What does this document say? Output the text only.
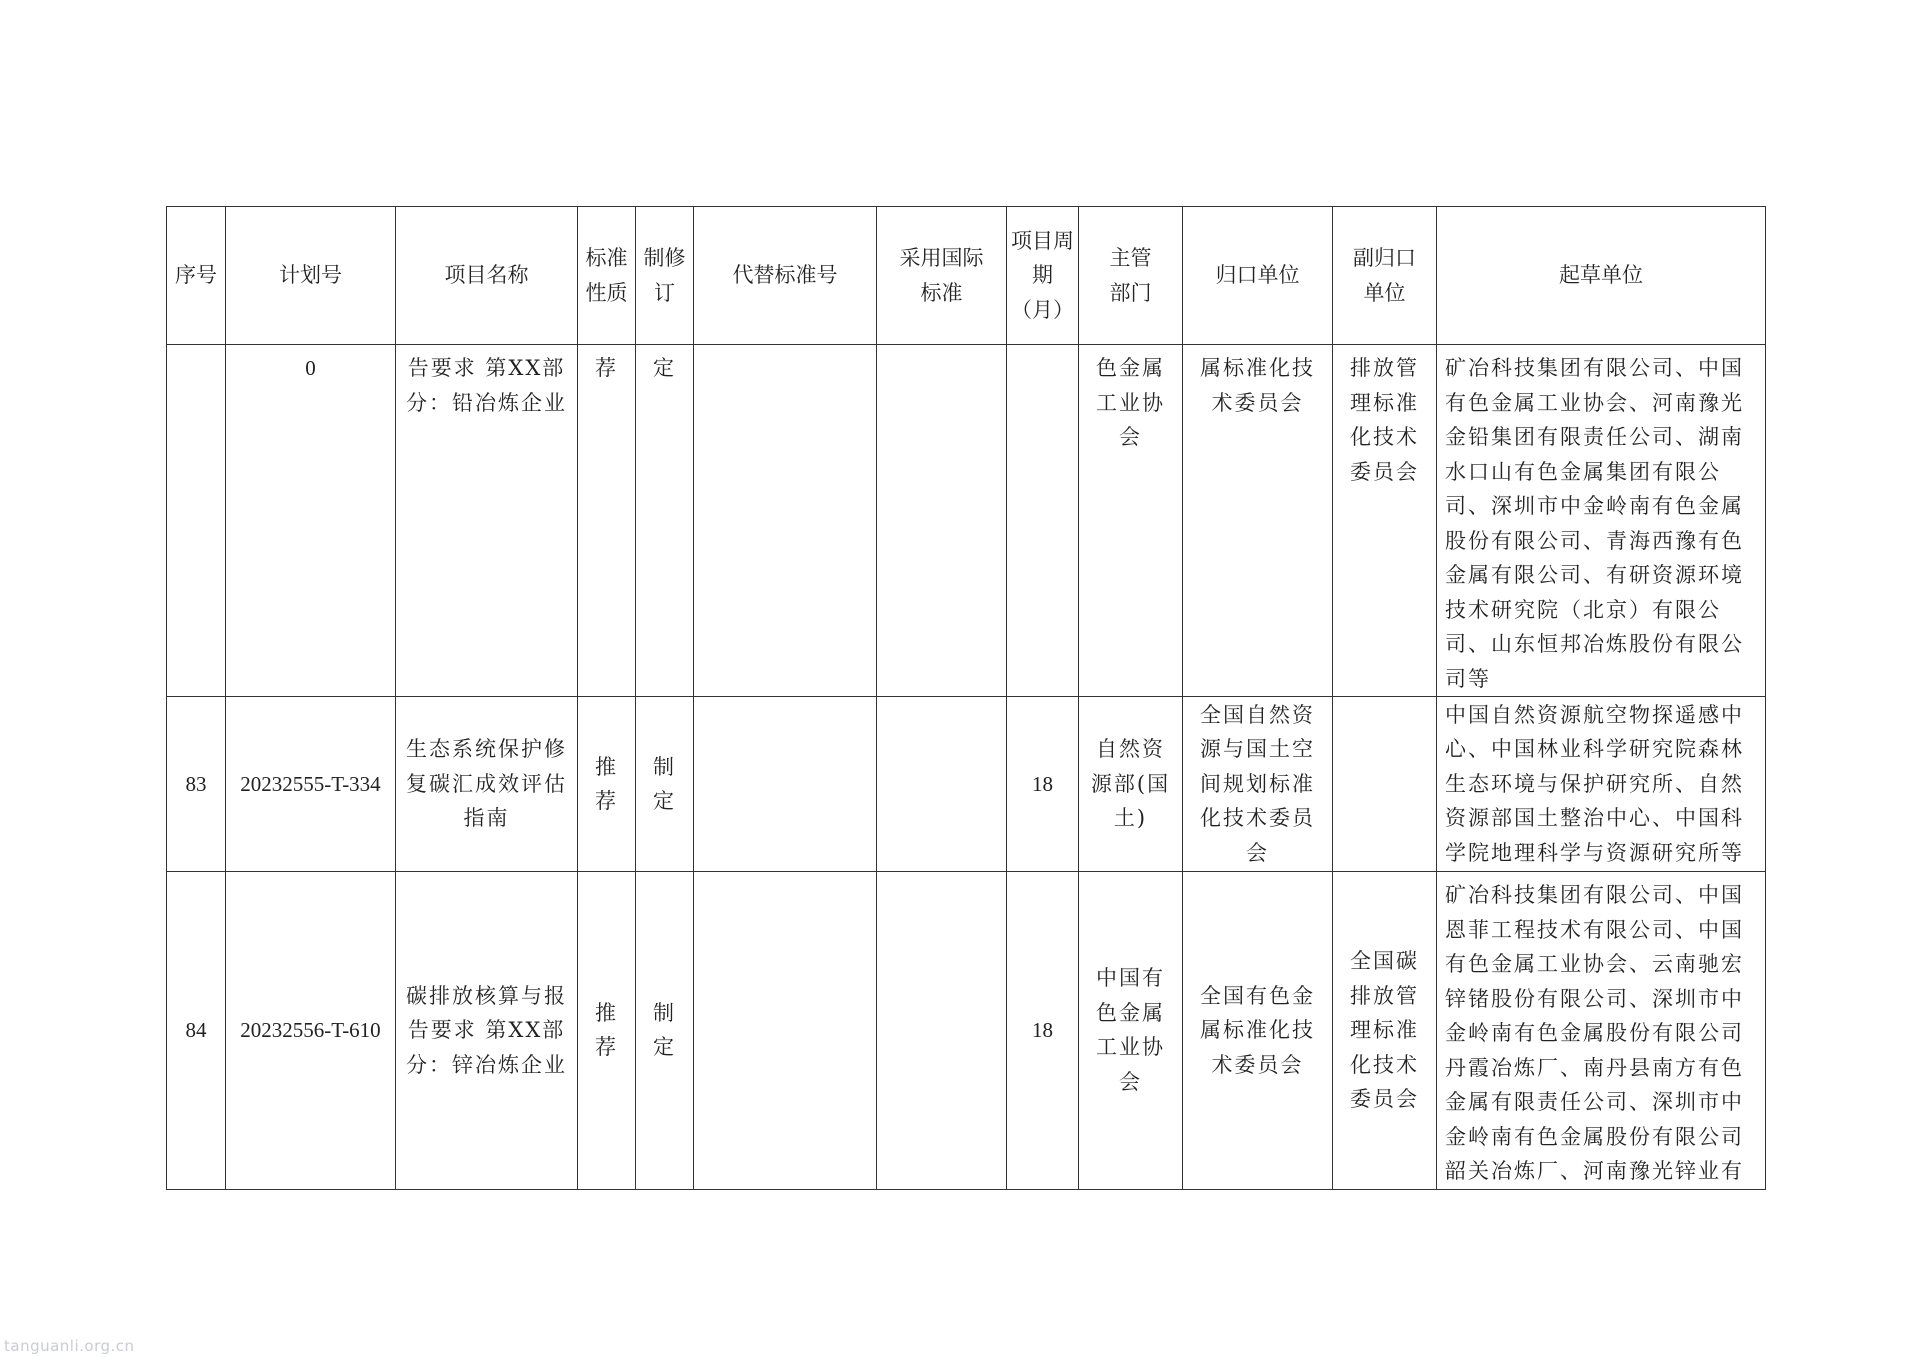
序号	计划号	项目名称	标准性质	制修订	代替标准号	采用国际标准	项目周期（月）	主管部门	归口单位	副归口单位	起草单位
	0	告要求 第XX部分：铅冶炼企业	荐	定				色金属工业协会	属标准化技术委员会	排放管理标准化技术委员会	矿冶科技集团有限公司、中国有色金属工业协会、河南豫光金铅集团有限责任公司、湖南水口山有色金属集团有限公司、深圳市中金岭南有色金属股份有限公司、青海西豫有色金属有限公司、有研资源环境技术研究院（北京）有限公司、山东恒邦冶炼股份有限公司等
83	20232555-T-334	生态系统保护修复碳汇成效评估指南	推荐	制定			18	自然资源部(国土)	全国自然资源与国土空间规划标准化技术委员会		中国自然资源航空物探遥感中心、中国林业科学研究院森林生态环境与保护研究所、自然资源部国土整治中心、中国科学院地理科学与资源研究所等
84	20232556-T-610	碳排放核算与报告要求 第XX部分：锌冶炼企业	推荐	制定			18	中国有色金属工业协会	全国有色金属标准化技术委员会	全国碳排放管理标准化技术委员会	矿冶科技集团有限公司、中国恩菲工程技术有限公司、中国有色金属工业协会、云南驰宏锌锗股份有限公司、深圳市中金岭南有色金属股份有限公司丹霞冶炼厂、南丹县南方有色金属有限责任公司、深圳市中金岭南有色金属股份有限公司韶关冶炼厂、河南豫光锌业有
tanguanli.org.cn
